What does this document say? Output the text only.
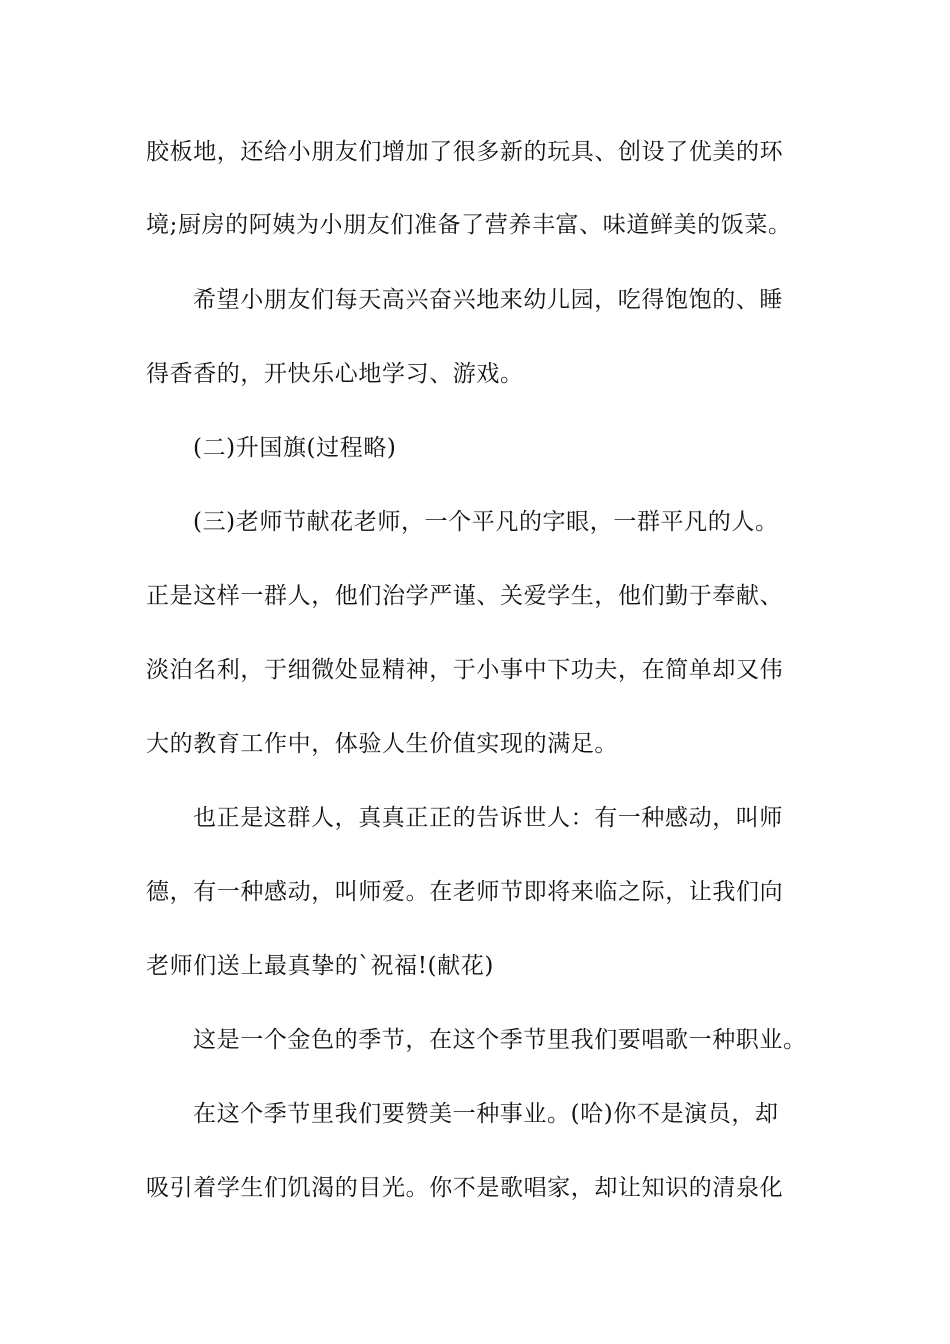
胶板地，还给小朋友们增加了很多新的玩具、创设了优美的环
境;厨房的阿姨为小朋友们准备了营养丰富、味道鲜美的饭菜。
希望小朋友们每天高兴奋兴地来幼儿园，吃得饱饱的、睡
得香香的，开快乐心地学习、游戏。
(二)升国旗(过程略)
(三)老师节献花老师，一个平凡的字眼，一群平凡的人。
正是这样一群人，他们治学严谨、关爱学生，他们勤于奉献、
淡泊名利，于细微处显精神，于小事中下功夫，在简单却又伟
大的教育工作中，体验人生价值实现的满足。
也正是这群人，真真正正的告诉世人：有一种感动，叫师
德，有一种感动，叫师爱。在老师节即将来临之际，让我们向
老师们送上最真挚的`祝福!(献花)
这是一个金色的季节，在这个季节里我们要唱歌一种职业。
在这个季节里我们要赞美一种事业。(哈)你不是演员，却
吸引着学生们饥渴的目光。你不是歌唱家，却让知识的清泉化
